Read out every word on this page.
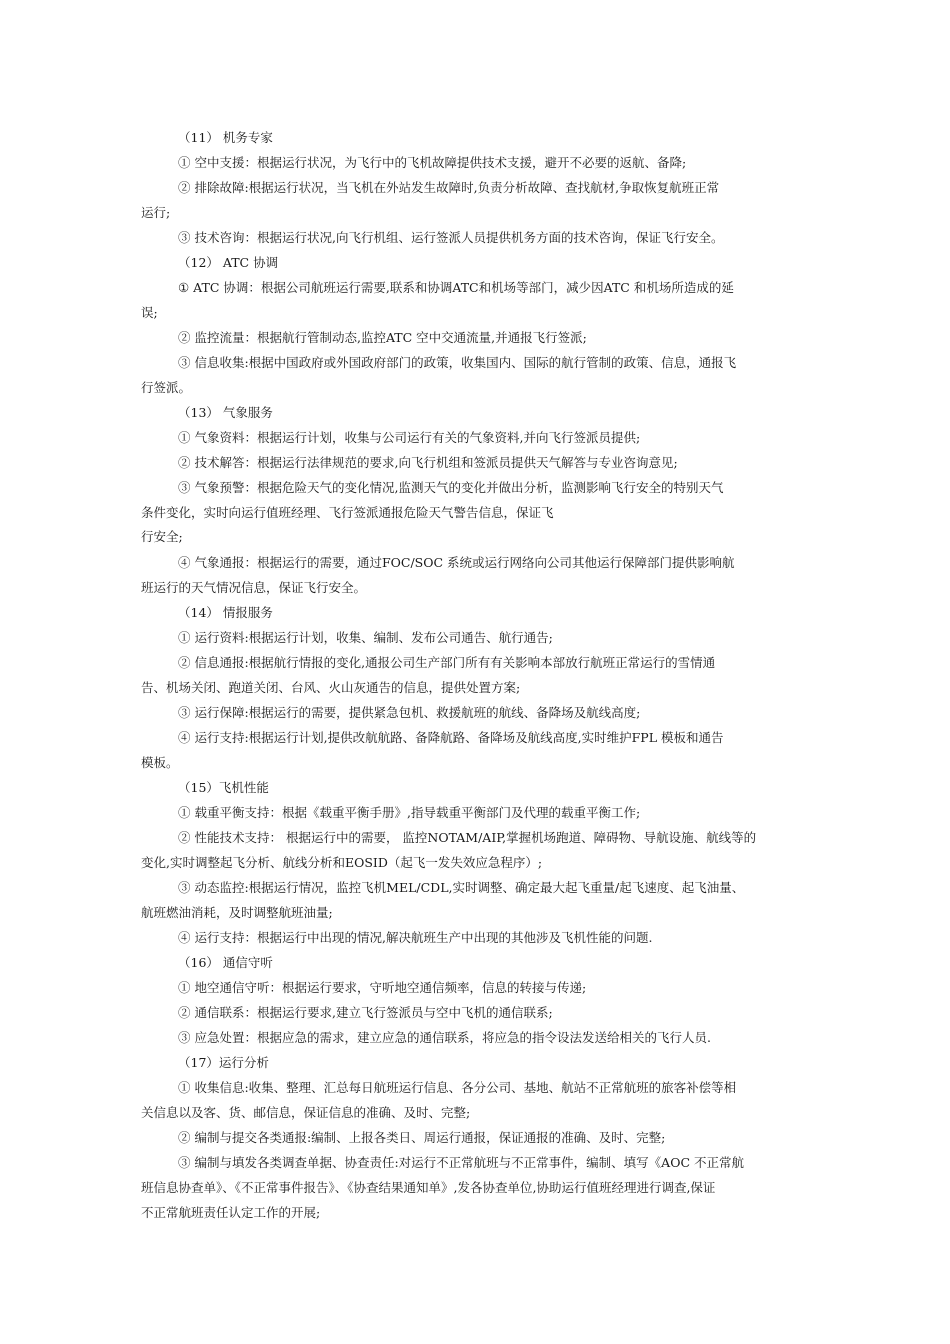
（11） 机务专家
① 空中支援：根据运行状况，为飞行中的飞机故障提供技术支援，避开不必要的返航、备降;
② 排除故障:根据运行状况，当飞机在外站发生故障时,负责分析故障、查找航材,争取恢复航班正常
运行;
③ 技术咨询：根据运行状况,向飞行机组、运行签派人员提供机务方面的技术咨询，保证飞行安全。
（12） ATC 协调
① ATC 协调：根据公司航班运行需要,联系和协调ATC和机场等部门，减少因ATC 和机场所造成的延
误;
② 监控流量：根据航行管制动态,监控ATC 空中交通流量,并通报飞行签派;
③ 信息收集:根据中国政府或外国政府部门的政策，收集国内、国际的航行管制的政策、信息，通报飞
行签派。
（13） 气象服务
① 气象资料：根据运行计划，收集与公司运行有关的气象资料,并向飞行签派员提供;
② 技术解答：根据运行法律规范的要求,向飞行机组和签派员提供天气解答与专业咨询意见;
③ 气象预警：根据危险天气的变化情况,监测天气的变化并做出分析，监测影响飞行安全的特别天气
条件变化，实时向运行值班经理、飞行签派通报危险天气警告信息，保证飞
行安全;
④ 气象通报：根据运行的需要，通过FOC/SOC 系统或运行网络向公司其他运行保障部门提供影响航
班运行的天气情况信息，保证飞行安全。
（14） 情报服务
① 运行资料:根据运行计划，收集、编制、发布公司通告、航行通告;
② 信息通报:根据航行情报的变化,通报公司生产部门所有有关影响本部放行航班正常运行的雪情通
告、机场关闭、跑道关闭、台风、火山灰通告的信息，提供处置方案;
③ 运行保障:根据运行的需要，提供紧急包机、救援航班的航线、备降场及航线高度;
④ 运行支持:根据运行计划,提供改航航路、备降航路、备降场及航线高度,实时维护FPL 模板和通告
模板。
（15）飞机性能
① 载重平衡支持：根据《载重平衡手册》,指导载重平衡部门及代理的载重平衡工作;
② 性能技术支持： 根据运行中的需要， 监控NOTAM/AIP,掌握机场跑道、障碍物、导航设施、航线等的
变化,实时调整起飞分析、航线分析和EOSID（起飞一发失效应急程序）;
③ 动态监控:根据运行情况，监控飞机MEL/CDL,实时调整、确定最大起飞重量/起飞速度、起飞油量、
航班燃油消耗，及时调整航班油量;
④ 运行支持：根据运行中出现的情况,解决航班生产中出现的其他涉及飞机性能的问题.
（16） 通信守听
① 地空通信守听：根据运行要求，守听地空通信频率，信息的转接与传递;
② 通信联系：根据运行要求,建立飞行签派员与空中飞机的通信联系;
③ 应急处置：根据应急的需求，建立应急的通信联系，将应急的指令设法发送给相关的飞行人员.
（17）运行分析
① 收集信息:收集、整理、汇总每日航班运行信息、各分公司、基地、航站不正常航班的旅客补偿等相
关信息以及客、货、邮信息，保证信息的准确、及时、完整;
② 编制与提交各类通报:编制、上报各类日、周运行通报，保证通报的准确、及时、完整;
③ 编制与填发各类调查单据、协查责任:对运行不正常航班与不正常事件，编制、填写《AOC 不正常航
班信息协查单》、《不正常事件报告》、《协查结果通知单》,发各协查单位,协助运行值班经理进行调查,保证
不正常航班责任认定工作的开展;
